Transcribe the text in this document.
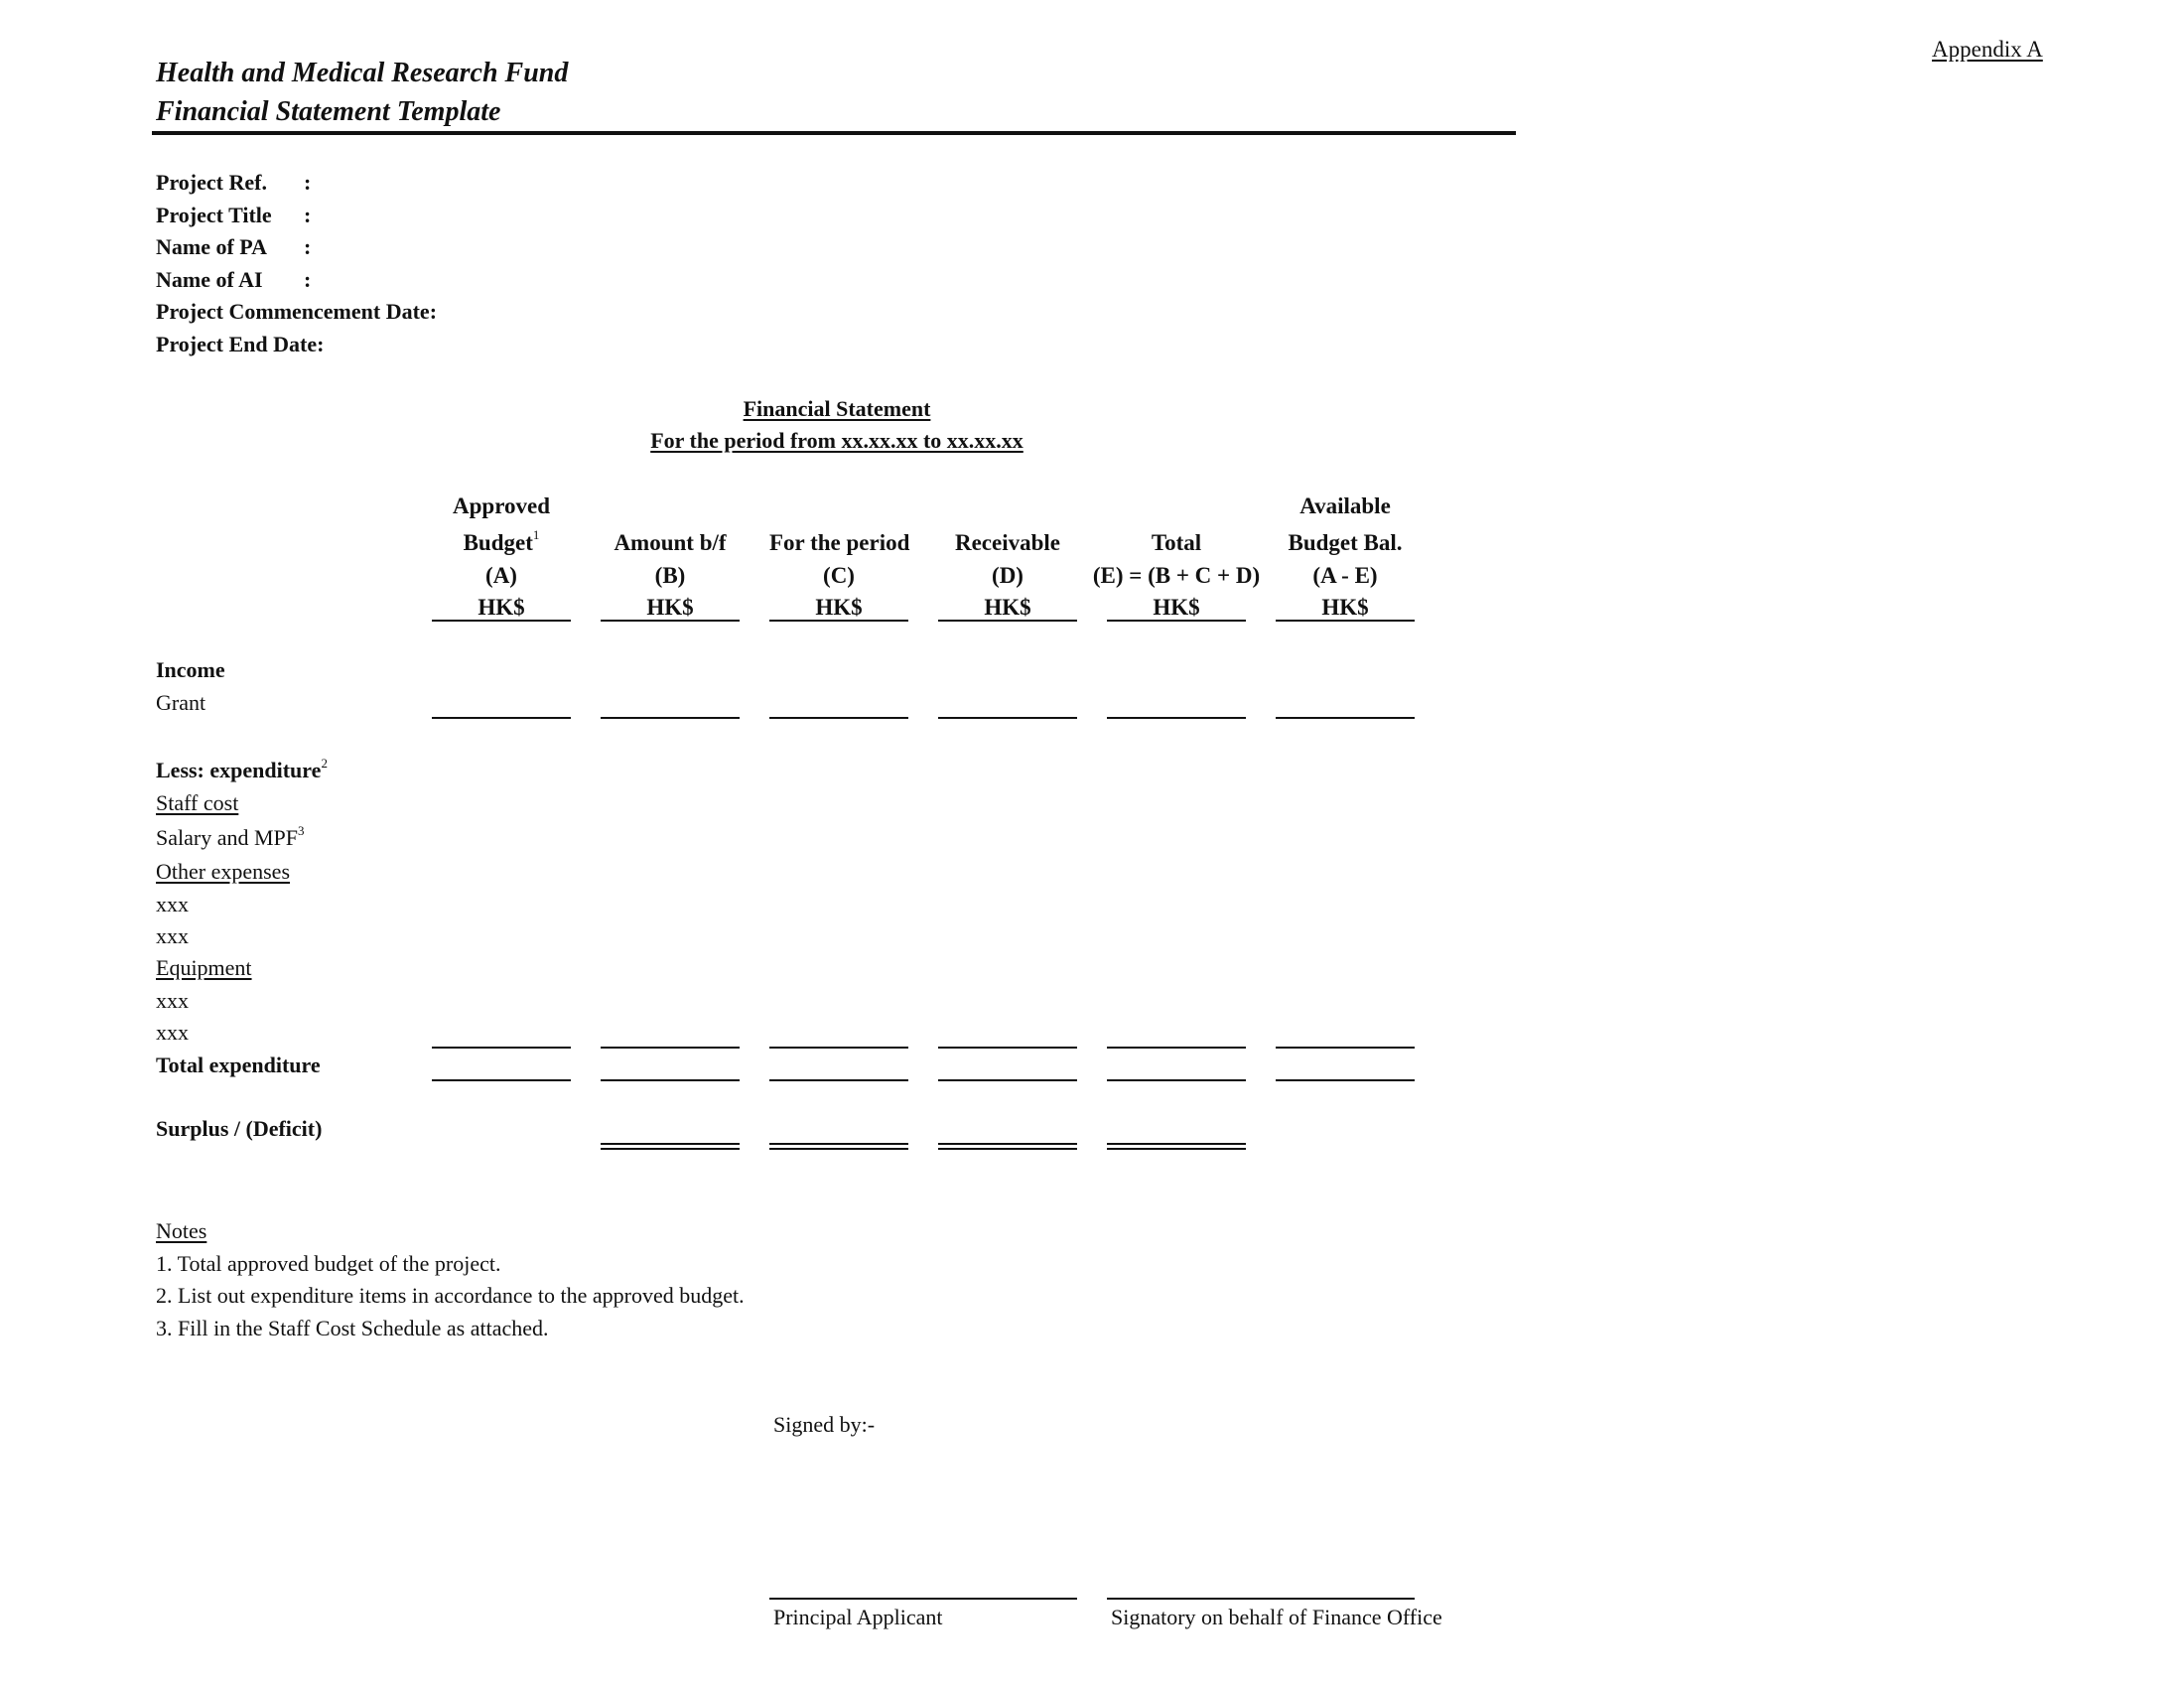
Appendix A
Health and Medical Research Fund
Financial Statement Template
Project Ref. :
Project Title :
Name of PA :
Name of AI :
Project Commencement Date:
Project End Date:
Financial Statement
For the period from xx.xx.xx to xx.xx.xx
Approved
Budget$^1$
(A)
HK$
Amount b/f
(B)
HK$
For the period
(C)
HK$
Receivable
(D)
HK$
Total
(E) = (B + C + D)
HK$
Available
Budget Bal.
(A - E)
HK$
Income
Grant
Less: expenditure$^2$
Staff cost
Salary and MPF$^3$
Other expenses
xxx
xxx
Equipment
xxx
xxx
Total expenditure
Surplus / (Deficit)
Notes
1. Total approved budget of the project.
2. List out expenditure items in accordance to the approved budget.
3. Fill in the Staff Cost Schedule as attached.
Signed by:-
Principal Applicant	Signatory on behalf of Finance Office
